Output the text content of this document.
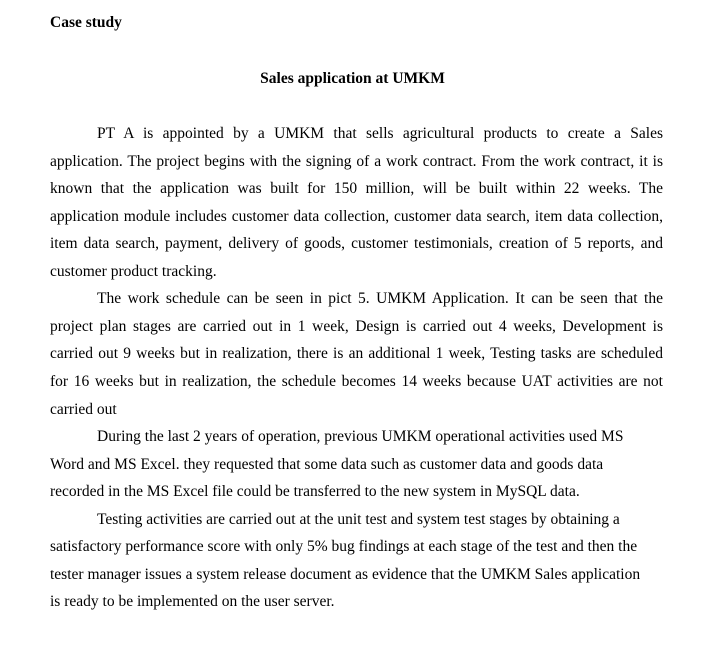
Case study
Sales application at UMKM
PT A is appointed by a UMKM that sells agricultural products to create a Sales
application. The project begins with the signing of a work contract. From the work contract, it is
known that the application was built for 150 million, will be built within 22 weeks. The
application module includes customer data collection, customer data search, item data collection,
item data search, payment, delivery of goods, customer testimonials, creation of 5 reports, and
customer product tracking.
The work schedule can be seen in pict 5. UMKM Application. It can be seen that the
project plan stages are carried out in 1 week, Design is carried out 4 weeks, Development is
carried out 9 weeks but in realization, there is an additional 1 week, Testing tasks are scheduled
for 16 weeks but in realization, the schedule becomes 14 weeks because UAT activities are not
carried out
During the last 2 years of operation, previous UMKM operational activities used MS
Word and MS Excel. they requested that some data such as customer data and goods data
recorded in the MS Excel file could be transferred to the new system in MySQL data.
Testing activities are carried out at the unit test and system test stages by obtaining a
satisfactory performance score with only 5% bug findings at each stage of the test and then the
tester manager issues a system release document as evidence that the UMKM Sales application
is ready to be implemented on the user server.
